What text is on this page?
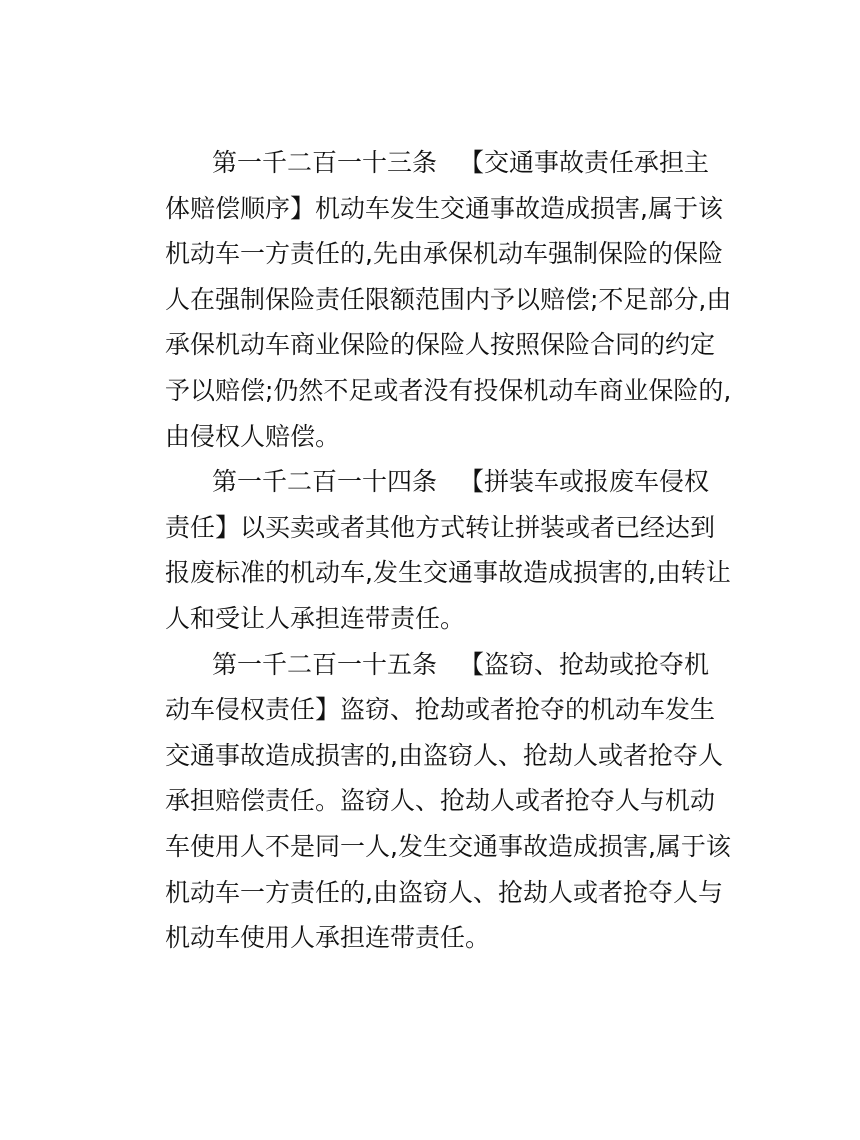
第一千二百一十三条 【交通事故责任承担主
体赔偿顺序】机动车发生交通事故造成损害,属于该
机动车一方责任的,先由承保机动车强制保险的保险
人在强制保险责任限额范围内予以赔偿;不足部分,由
承保机动车商业保险的保险人按照保险合同的约定
予以赔偿;仍然不足或者没有投保机动车商业保险的,
由侵权人赔偿。
第一千二百一十四条 【拼装车或报废车侵权
责任】以买卖或者其他方式转让拼装或者已经达到
报废标准的机动车,发生交通事故造成损害的,由转让
人和受让人承担连带责任。
第一千二百一十五条 【盗窃、抢劫或抢夺机
动车侵权责任】盗窃、抢劫或者抢夺的机动车发生
交通事故造成损害的,由盗窃人、抢劫人或者抢夺人
承担赔偿责任。盗窃人、抢劫人或者抢夺人与机动
车使用人不是同一人,发生交通事故造成损害,属于该
机动车一方责任的,由盗窃人、抢劫人或者抢夺人与
机动车使用人承担连带责任。
